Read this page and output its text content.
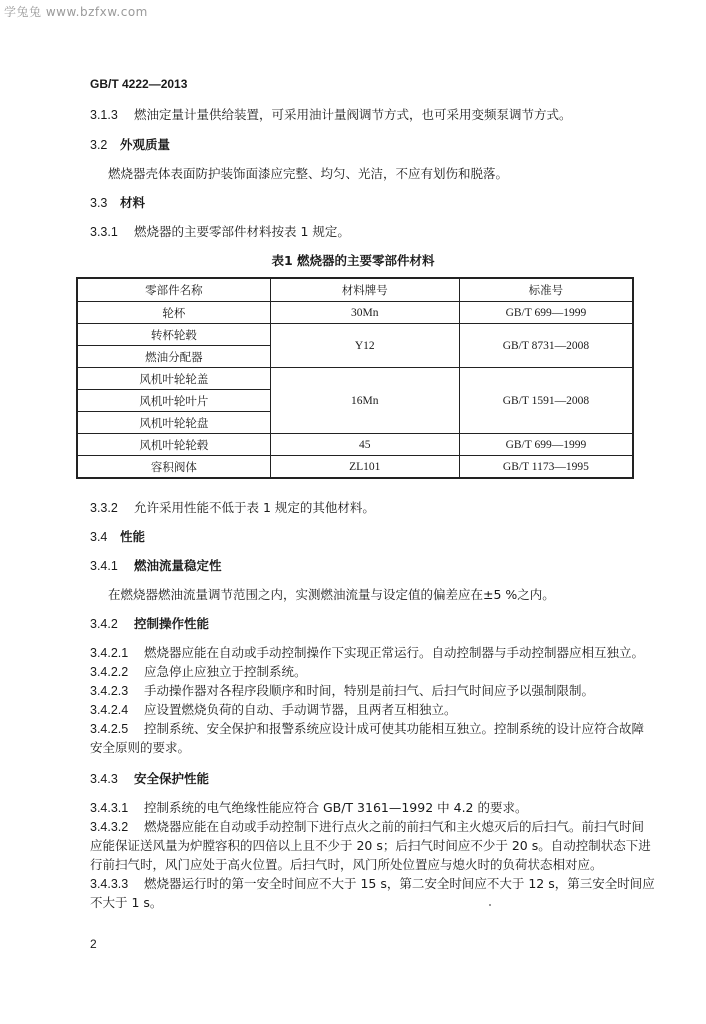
学兔兔 www.bzfxw.com
GB/T 4222—2013
3.1.3 燃油定量计量供给装置，可采用油计量阀调节方式，也可采用变频泵调节方式。
3.2 外观质量
燃烧器壳体表面防护装饰面漆应完整、均匀、光洁，不应有划伤和脱落。
3.3 材料
3.3.1 燃烧器的主要零部件材料按表 1 规定。
表1 燃烧器的主要零部件材料
零部件名称	材料牌号	标准号
轮杯	30Mn	GB/T 699—1999
转杯轮毂	Y12	GB/T 8731—2008
燃油分配器		
风机叶轮轮盖	16Mn	GB/T 1591—2008
风机叶轮叶片		
风机叶轮轮盘		
风机叶轮轮毂	45	GB/T 699—1999
容积阀体	ZL101	GB/T 1173—1995
3.3.2 允许采用性能不低于表 1 规定的其他材料。
3.4 性能
3.4.1 燃油流量稳定性
在燃烧器燃油流量调节范围之内，实测燃油流量与设定值的偏差应在±5 %之内。
3.4.2 控制操作性能
3.4.2.1 燃烧器应能在自动或手动控制操作下实现正常运行。自动控制器与手动控制器应相互独立。
3.4.2.2 应急停止应独立于控制系统。
3.4.2.3 手动操作器对各程序段顺序和时间，特别是前扫气、后扫气时间应予以强制限制。
3.4.2.4 应设置燃烧负荷的自动、手动调节器，且两者互相独立。
3.4.2.5 控制系统、安全保护和报警系统应设计成可使其功能相互独立。控制系统的设计应符合故障
安全原则的要求。
3.4.3 安全保护性能
3.4.3.1 控制系统的电气绝缘性能应符合 GB/T 3161—1992 中 4.2 的要求。
3.4.3.2 燃烧器应能在自动或手动控制下进行点火之前的前扫气和主火熄灭后的后扫气。前扫气时间
应能保证送风量为炉膛容积的四倍以上且不少于 20 s；后扫气时间应不少于 20 s。自动控制状态下进
行前扫气时，风门应处于高火位置。后扫气时，风门所处位置应与熄火时的负荷状态相对应。
3.4.3.3 燃烧器运行时的第一安全时间应不大于 15 s，第二安全时间应不大于 12 s，第三安全时间应
不大于 1 s。
2
